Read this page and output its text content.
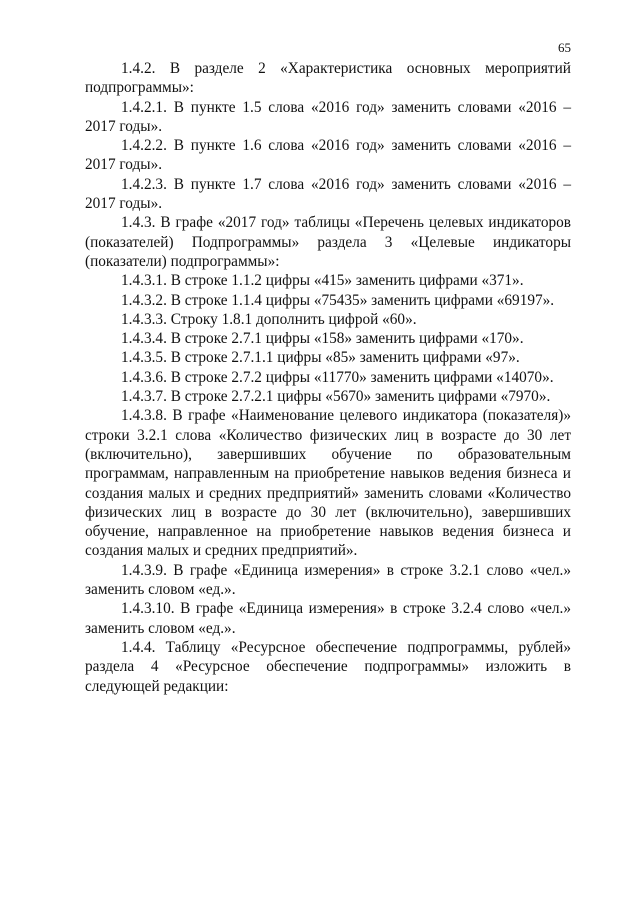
65

1.4.2. В разделе 2 «Характеристика основных мероприятий подпрограммы»:

1.4.2.1. В пункте 1.5 слова «2016 год» заменить словами «2016 – 2017 годы».

1.4.2.2. В пункте 1.6 слова «2016 год» заменить словами «2016 – 2017 годы».

1.4.2.3. В пункте 1.7 слова «2016 год» заменить словами «2016 – 2017 годы».

1.4.3. В графе «2017 год» таблицы «Перечень целевых индикаторов (показателей) Подпрограммы» раздела 3 «Целевые индикаторы (показатели) подпрограммы»:

1.4.3.1. В строке 1.1.2 цифры «415» заменить цифрами «371».

1.4.3.2. В строке 1.1.4 цифры «75435» заменить цифрами «69197».

1.4.3.3. Строку 1.8.1 дополнить цифрой «60».

1.4.3.4. В строке 2.7.1 цифры «158» заменить цифрами «170».

1.4.3.5. В строке 2.7.1.1 цифры «85» заменить цифрами «97».

1.4.3.6. В строке 2.7.2 цифры «11770» заменить цифрами «14070».

1.4.3.7. В строке 2.7.2.1 цифры «5670» заменить цифрами «7970».

1.4.3.8. В графе «Наименование целевого индикатора (показателя)» строки 3.2.1 слова «Количество физических лиц в возрасте до 30 лет (включительно), завершивших обучение по образовательным программам, направленным на приобретение навыков ведения бизнеса и создания малых и средних предприятий» заменить словами «Количество физических лиц в возрасте до 30 лет (включительно), завершивших обучение, направленное на приобретение навыков ведения бизнеса и создания малых и средних предприятий».

1.4.3.9. В графе «Единица измерения» в строке 3.2.1 слово «чел.» заменить словом «ед.».

1.4.3.10. В графе «Единица измерения» в строке 3.2.4 слово «чел.» заменить словом «ед.».

1.4.4. Таблицу «Ресурсное обеспечение подпрограммы, рублей» раздела 4 «Ресурсное обеспечение подпрограммы» изложить в следующей редакции:
